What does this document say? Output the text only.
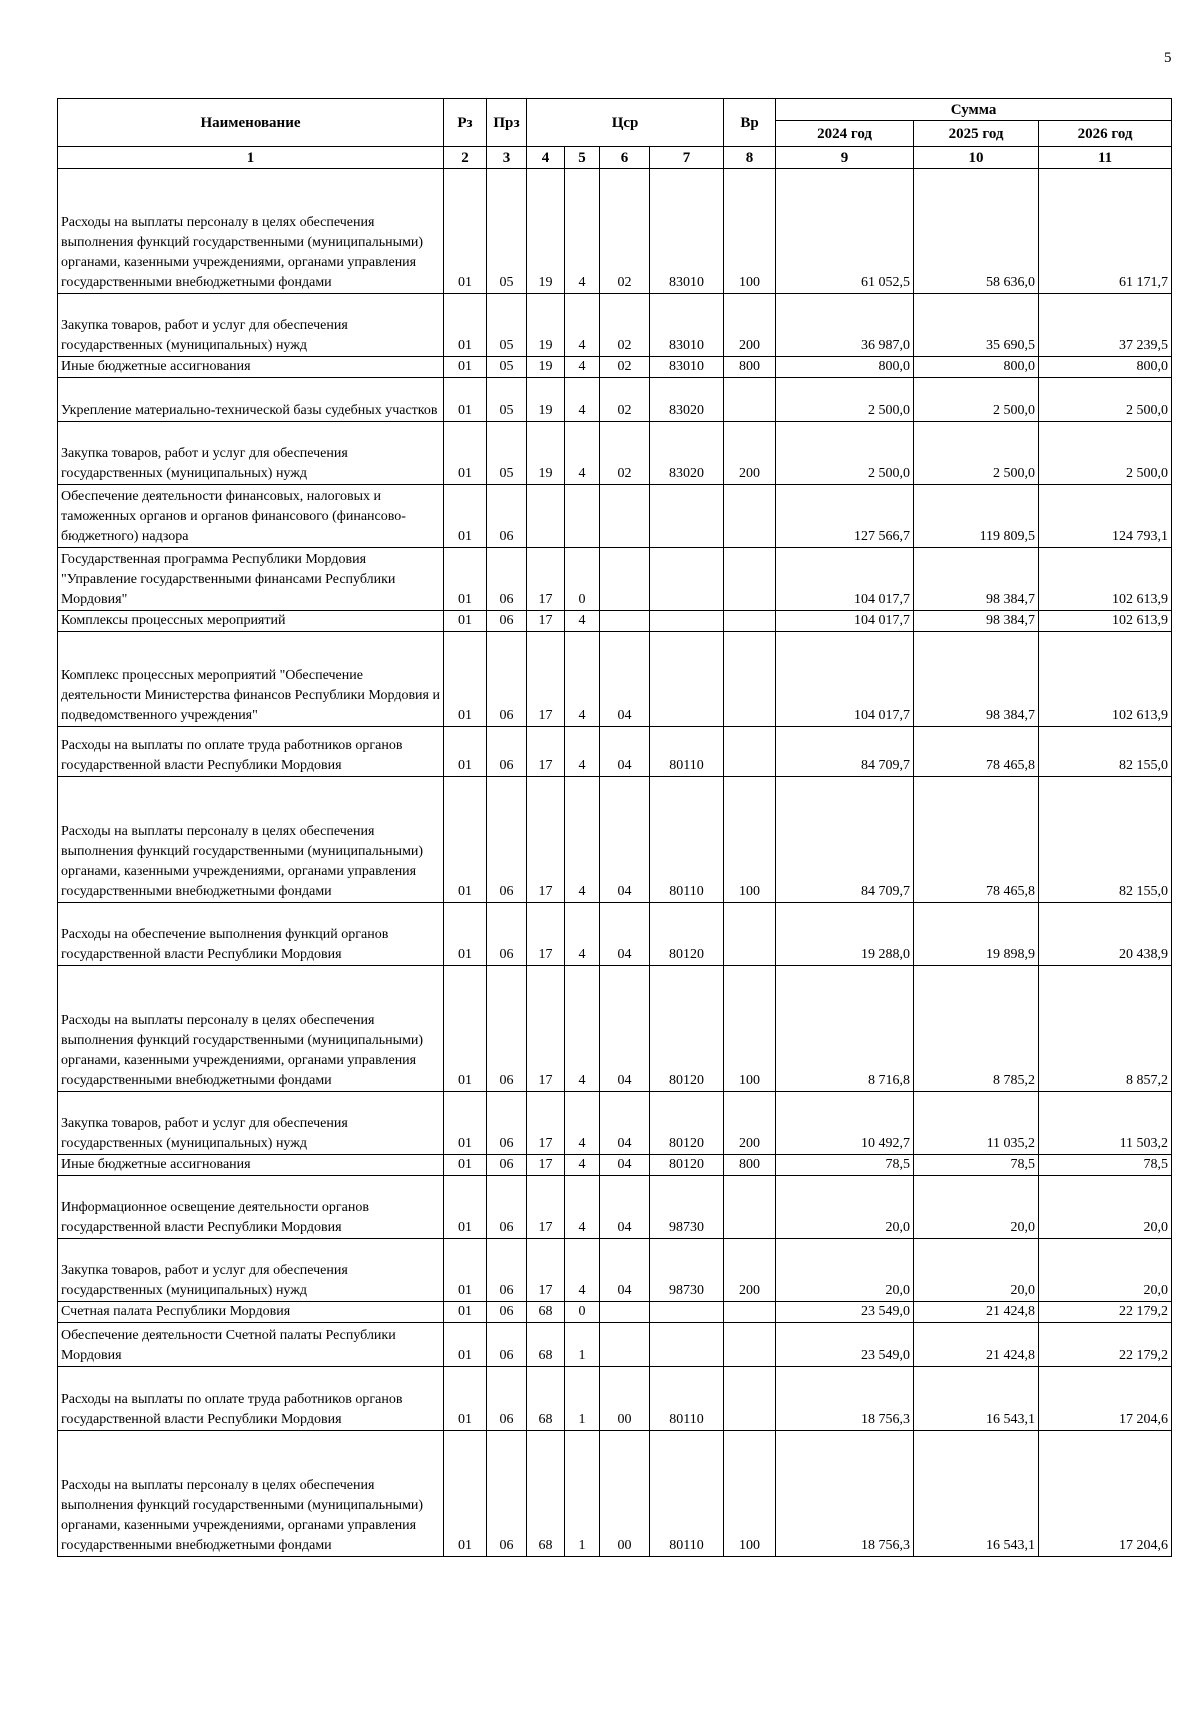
5
Наименование	Рз	Прз	Цср				Вр	Сумма		
								2024 год	2025 год	2026 год
1	2	3	4	5	6	7	8	9	10	11
Расходы на выплаты персоналу в целях обеспечения выполнения функций государственными (муниципальными) органами, казенными учреждениями, органами управления государственными внебюджетными фондами	01	05	19	4	02	83010	100	61 052,5	58 636,0	61 171,7
Закупка товаров, работ и услуг для обеспечения государственных (муниципальных) нужд	01	05	19	4	02	83010	200	36 987,0	35 690,5	37 239,5
Иные бюджетные ассигнования	01	05	19	4	02	83010	800	800,0	800,0	800,0
Укрепление материально-технической базы судебных участков	01	05	19	4	02	83020		2 500,0	2 500,0	2 500,0
Закупка товаров, работ и услуг для обеспечения государственных (муниципальных) нужд	01	05	19	4	02	83020	200	2 500,0	2 500,0	2 500,0
Обеспечение деятельности финансовых, налоговых и таможенных органов и органов финансового (финансово-бюджетного) надзора	01	06						127 566,7	119 809,5	124 793,1
Государственная программа Республики Мордовия "Управление государственными финансами Республики Мордовия"	01	06	17	0				104 017,7	98 384,7	102 613,9
Комплексы процессных мероприятий	01	06	17	4				104 017,7	98 384,7	102 613,9
Комплекс процессных мероприятий "Обеспечение деятельности Министерства финансов Республики Мордовия и подведомственного учреждения"	01	06	17	4	04			104 017,7	98 384,7	102 613,9
Расходы на выплаты по оплате труда работников органов государственной власти Республики Мордовия	01	06	17	4	04	80110		84 709,7	78 465,8	82 155,0
Расходы на выплаты персоналу в целях обеспечения выполнения функций государственными (муниципальными) органами, казенными учреждениями, органами управления государственными внебюджетными фондами	01	06	17	4	04	80110	100	84 709,7	78 465,8	82 155,0
Расходы на обеспечение выполнения функций органов государственной власти Республики Мордовия	01	06	17	4	04	80120		19 288,0	19 898,9	20 438,9
Расходы на выплаты персоналу в целях обеспечения выполнения функций государственными (муниципальными) органами, казенными учреждениями, органами управления государственными внебюджетными фондами	01	06	17	4	04	80120	100	8 716,8	8 785,2	8 857,2
Закупка товаров, работ и услуг для обеспечения государственных (муниципальных) нужд	01	06	17	4	04	80120	200	10 492,7	11 035,2	11 503,2
Иные бюджетные ассигнования	01	06	17	4	04	80120	800	78,5	78,5	78,5
Информационное освещение деятельности органов государственной власти Республики Мордовия	01	06	17	4	04	98730		20,0	20,0	20,0
Закупка товаров, работ и услуг для обеспечения государственных (муниципальных) нужд	01	06	17	4	04	98730	200	20,0	20,0	20,0
Счетная палата Республики Мордовия	01	06	68	0				23 549,0	21 424,8	22 179,2
Обеспечение деятельности Счетной палаты Республики Мордовия	01	06	68	1				23 549,0	21 424,8	22 179,2
Расходы на выплаты по оплате труда работников органов государственной власти Республики Мордовия	01	06	68	1	00	80110		18 756,3	16 543,1	17 204,6
Расходы на выплаты персоналу в целях обеспечения выполнения функций государственными (муниципальными) органами, казенными учреждениями, органами управления государственными внебюджетными фондами	01	06	68	1	00	80110	100	18 756,3	16 543,1	17 204,6
